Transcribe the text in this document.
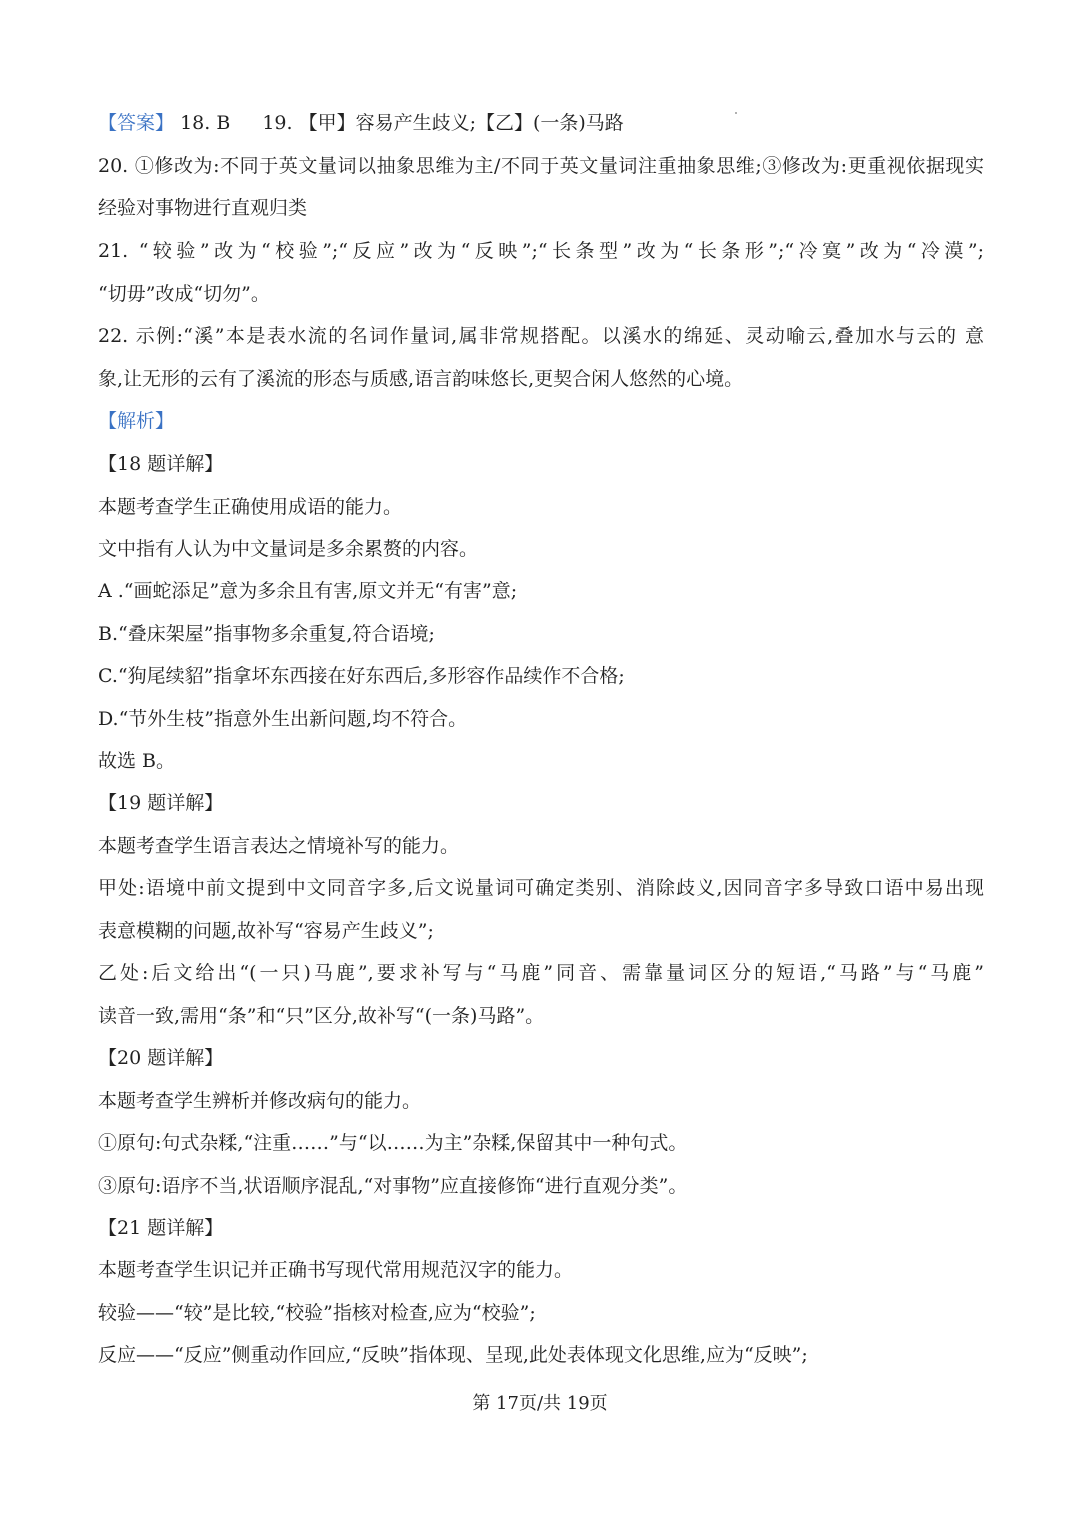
【答案】 18. B 19. 【甲】容易产生歧义;【乙】(一条)马路
20. ①修改为:不同于英文量词以抽象思维为主/不同于英文量词注重抽象思维;③修改为:更重视依据现实
经验对事物进行直观归类
21. “较验”改为“校验”;“反应”改为“反映”;“长条型”改为“长条形”;“冷寞”改为“冷漠”;
“切毋”改成“切勿”。
22. 示例:“溪”本是表水流的名词作量词,属非常规搭配。以溪水的绵延、灵动喻云,叠加水与云的 意
象,让无形的云有了溪流的形态与质感,语言韵味悠长,更契合闲人悠然的心境。
【解析】
【18 题详解】
本题考查学生正确使用成语的能力。
文中指有人认为中文量词是多余累赘的内容。
A .“画蛇添足”意为多余且有害,原文并无“有害”意;
B.“叠床架屋”指事物多余重复,符合语境;
C.“狗尾续貂”指拿坏东西接在好东西后,多形容作品续作不合格;
D.“节外生枝”指意外生出新问题,均不符合。
故选 B。
【19 题详解】
本题考查学生语言表达之情境补写的能力。
甲处:语境中前文提到中文同音字多,后文说量词可确定类别、消除歧义,因同音字多导致口语中易出现
表意模糊的问题,故补写“容易产生歧义”;
乙处:后文给出“(一只)马鹿”,要求补写与“马鹿”同音、需靠量词区分的短语,“马路”与“马鹿”
读音一致,需用“条”和“只”区分,故补写“(一条)马路”。
【20 题详解】
本题考查学生辨析并修改病句的能力。
①原句:句式杂糅,“注重……”与“以……为主”杂糅,保留其中一种句式。
③原句:语序不当,状语顺序混乱,“对事物”应直接修饰“进行直观分类”。
【21 题详解】
本题考查学生识记并正确书写现代常用规范汉字的能力。
较验——“较”是比较,“校验”指核对检查,应为“校验”;
反应——“反应”侧重动作回应,“反映”指体现、呈现,此处表体现文化思维,应为“反映”;
第 17页/共 19页
